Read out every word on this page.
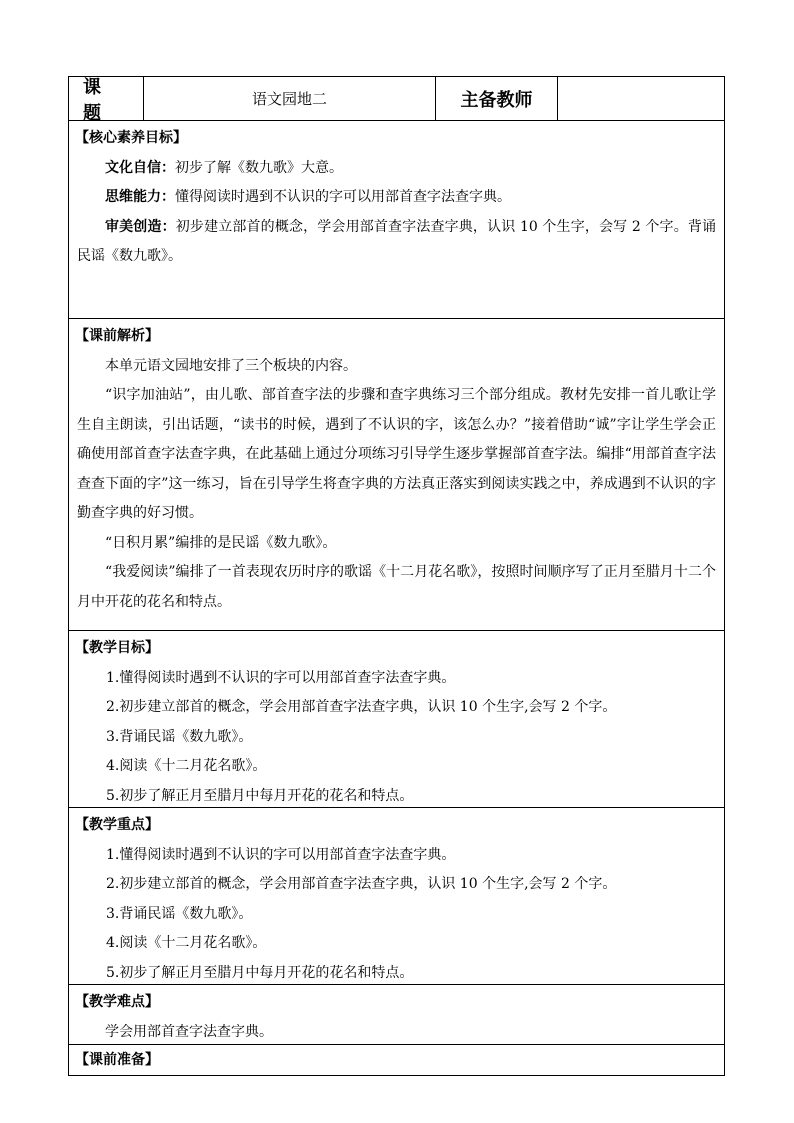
课 题
语文园地二	主备教师
【核心素养目标】
文化自信：初步了解《数九歌》大意。
思维能力：懂得阅读时遇到不认识的字可以用部首查字法查字典。
审美创造：初步建立部首的概念，学会用部首查字法查字典，认识 10 个生字，会写 2 个字。背诵民谣《数九歌》。
【课前解析】
本单元语文园地安排了三个板块的内容。
“识字加油站”，由儿歌、部首查字法的步骤和查字典练习三个部分组成。教材先安排一首儿歌让学生自主朗读，引出话题，“读书的时候，遇到了不认识的字，该怎么办？”接着借助“诚”字让学生学会正确使用部首查字法查字典，在此基础上通过分项练习引导学生逐步掌握部首查字法。编排“用部首查字法查查下面的字”这一练习，旨在引导学生将查字典的方法真正落实到阅读实践之中，养成遇到不认识的字勤查字典的好习惯。
“日积月累”编排的是民谣《数九歌》。
“我爱阅读”编排了一首表现农历时序的歌谣《十二月花名歌》，按照时间顺序写了正月至腊月十二个月中开花的花名和特点。
【教学目标】
1.懂得阅读时遇到不认识的字可以用部首查字法查字典。
2.初步建立部首的概念，学会用部首查字法查字典，认识 10 个生字,会写 2 个字。
3.背诵民谣《数九歌》。
4.阅读《十二月花名歌》。
5.初步了解正月至腊月中每月开花的花名和特点。
【教学重点】
1.懂得阅读时遇到不认识的字可以用部首查字法查字典。
2.初步建立部首的概念，学会用部首查字法查字典，认识 10 个生字,会写 2 个字。
3.背诵民谣《数九歌》。
4.阅读《十二月花名歌》。
5.初步了解正月至腊月中每月开花的花名和特点。
【教学难点】
学会用部首查字法查字典。
【课前准备】
